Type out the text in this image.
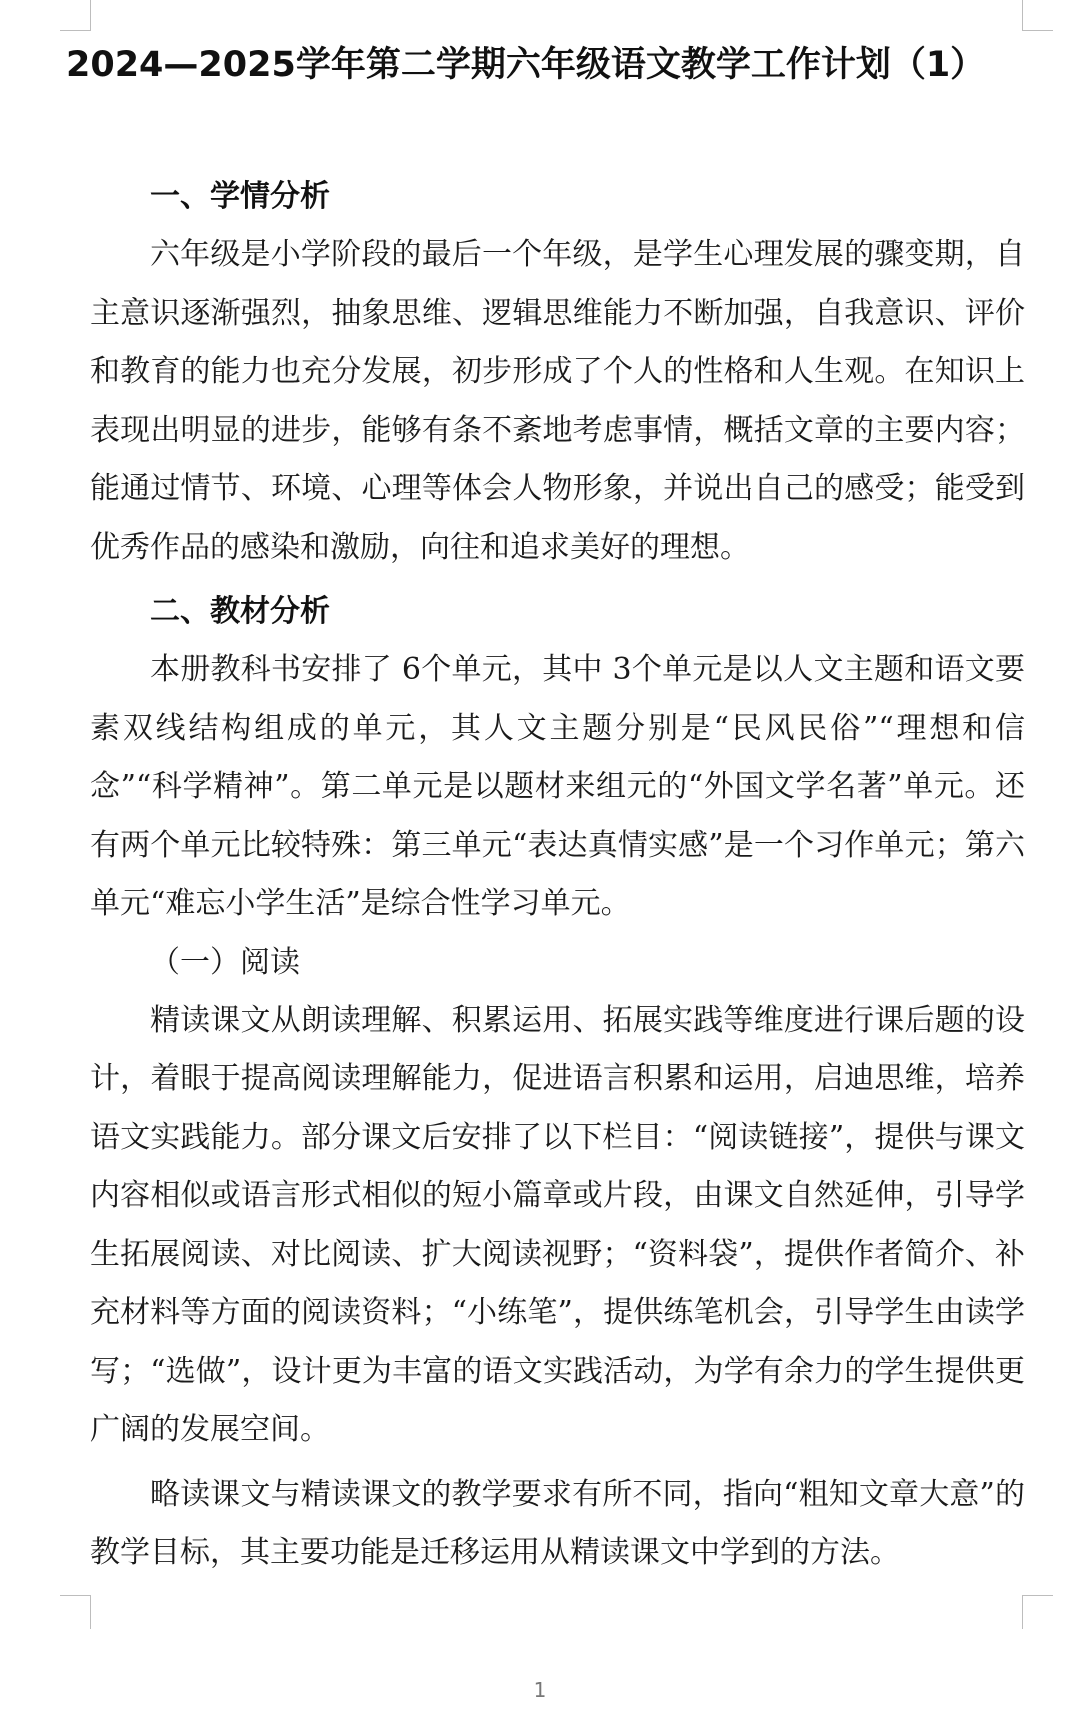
2024—2025学年第二学期六年级语文教学工作计划（1）
一、学情分析

六年级是小学阶段的最后一个年级，是学生心理发展的骤变期，自主意识逐渐强烈，抽象思维、逻辑思维能力不断加强，自我意识、评价和教育的能力也充分发展，初步形成了个人的性格和人生观。在知识上表现出明显的进步，能够有条不紊地考虑事情，概括文章的主要内容；能通过情节、环境、心理等体会人物形象，并说出自己的感受；能受到优秀作品的感染和激励，向往和追求美好的理想。

二、教材分析

本册教科书安排了 6个单元，其中 3个单元是以人文主题和语文要素双线结构组成的单元，其人文主题分别是“民风民俗”“理想和信念”“科学精神”。第二单元是以题材来组元的“外国文学名著”单元。还有两个单元比较特殊：第三单元“表达真情实感”是一个习作单元；第六单元“难忘小学生活”是综合性学习单元。

（一）阅读

精读课文从朗读理解、积累运用、拓展实践等维度进行课后题的设计，着眼于提高阅读理解能力，促进语言积累和运用，启迪思维，培养语文实践能力。部分课文后安排了以下栏目：“阅读链接”，提供与课文内容相似或语言形式相似的短小篇章或片段，由课文自然延伸，引导学生拓展阅读、对比阅读、扩大阅读视野；“资料袋”，提供作者简介、补充材料等方面的阅读资料；“小练笔”，提供练笔机会，引导学生由读学写；“选做”，设计更为丰富的语文实践活动，为学有余力的学生提供更广阔的发展空间。

略读课文与精读课文的教学要求有所不同，指向“粗知文章大意”的教学目标，其主要功能是迁移运用从精读课文中学到的方法。

1
